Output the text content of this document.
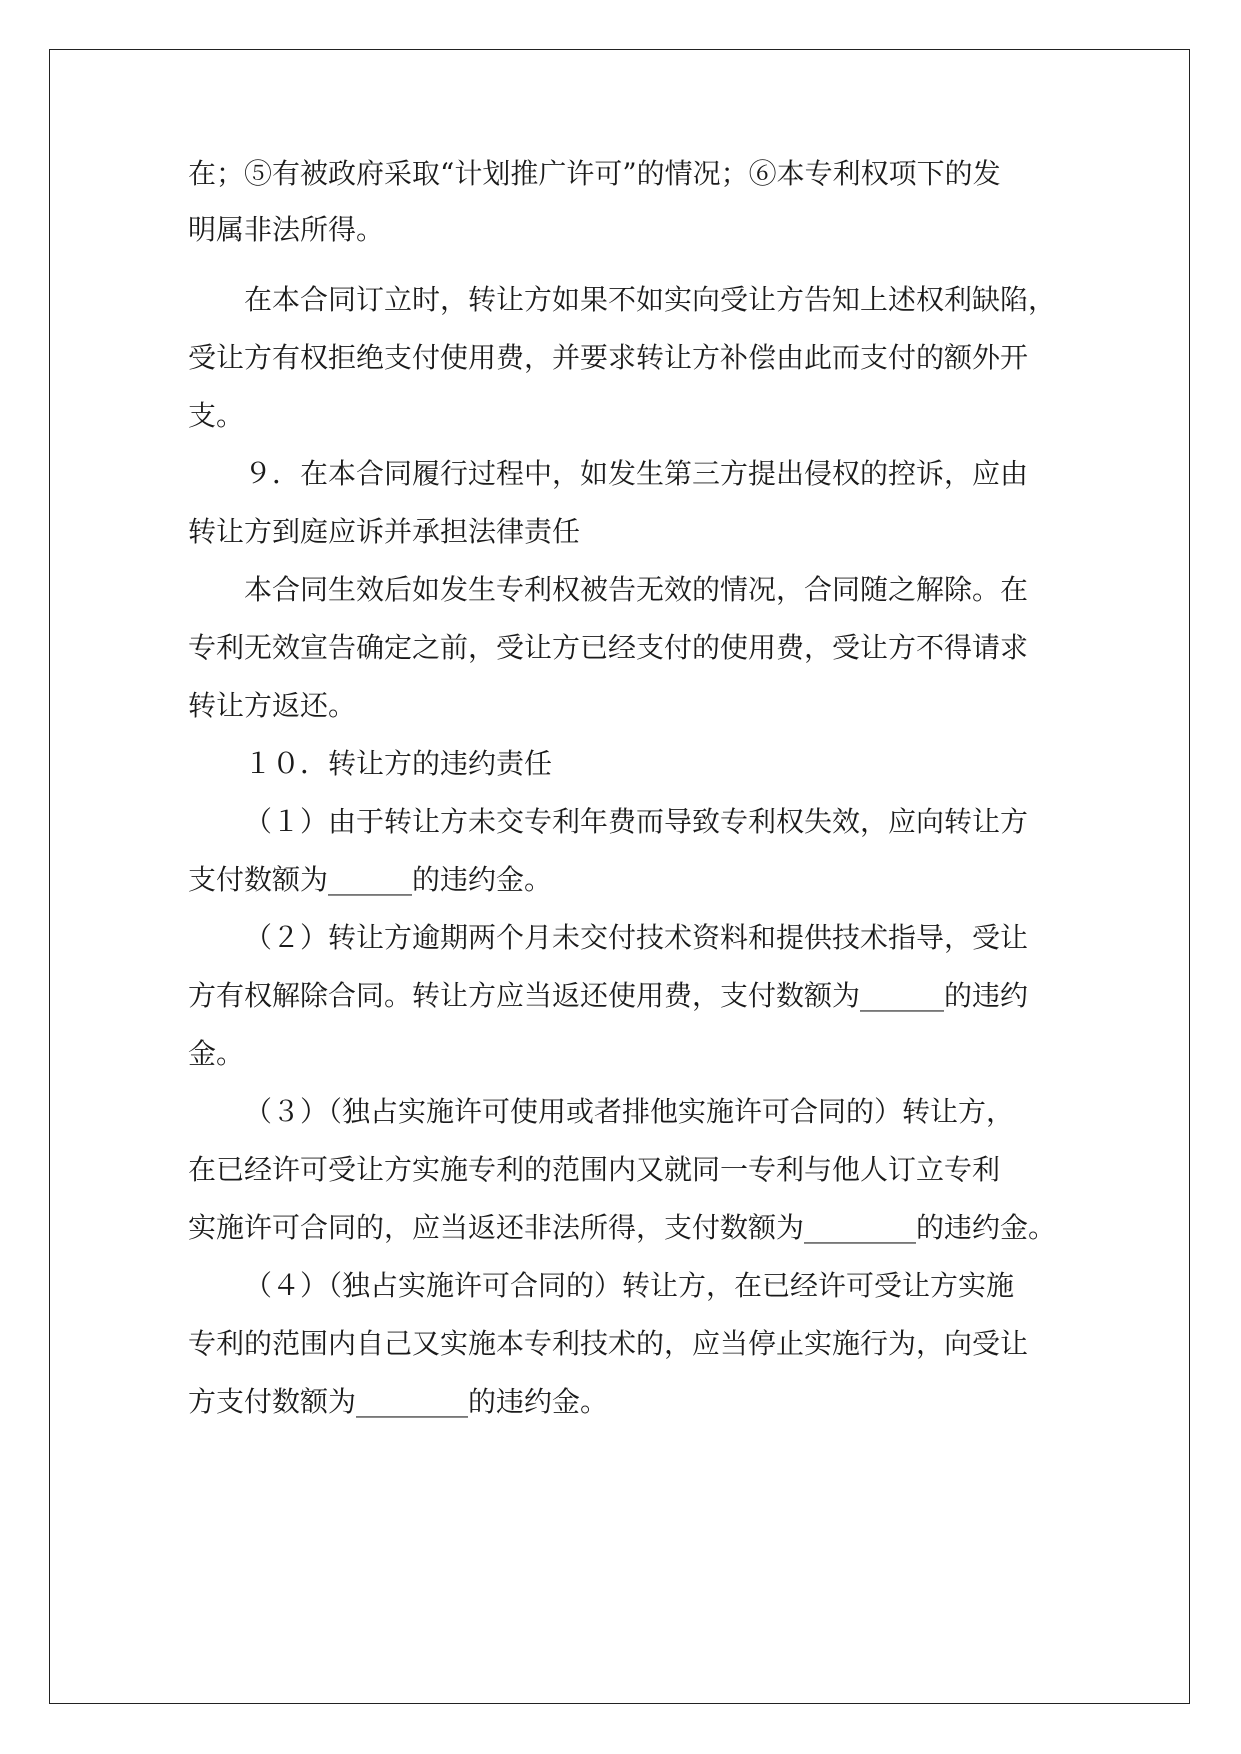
在；⑤有被政府采取“计划推广许可”的情况；⑥本专利权项下的发
明属非法所得。
在本合同订立时，转让方如果不如实向受让方告知上述权利缺陷，
受让方有权拒绝支付使用费，并要求转让方补偿由此而支付的额外开
支。
９．在本合同履行过程中，如发生第三方提出侵权的控诉，应由
转让方到庭应诉并承担法律责任
本合同生效后如发生专利权被告无效的情况，合同随之解除。在
专利无效宣告确定之前，受让方已经支付的使用费，受让方不得请求
转让方返还。
１０．转让方的违约责任
（１）由于转让方未交专利年费而导致专利权失效，应向转让方
支付数额为______的违约金。
（２）转让方逾期两个月未交付技术资料和提供技术指导，受让
方有权解除合同。转让方应当返还使用费，支付数额为______的违约
金。
（３）（独占实施许可使用或者排他实施许可合同的）转让方，
在已经许可受让方实施专利的范围内又就同一专利与他人订立专利
实施许可合同的，应当返还非法所得，支付数额为________的违约金。
（４）（独占实施许可合同的）转让方，在已经许可受让方实施
专利的范围内自己又实施本专利技术的，应当停止实施行为，向受让
方支付数额为________的违约金。
